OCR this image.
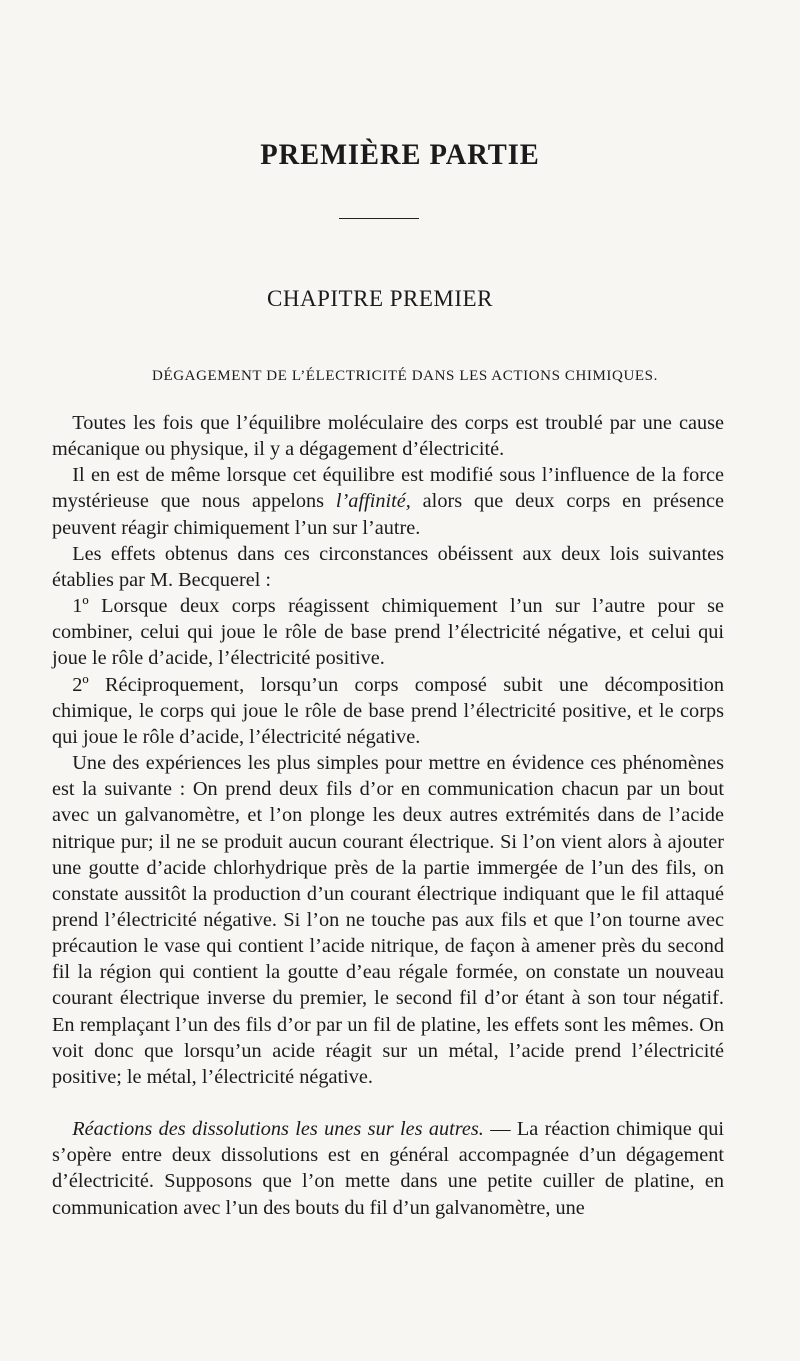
PREMIÈRE PARTIE
CHAPITRE PREMIER
DÉGAGEMENT DE L’ÉLECTRICITÉ DANS LES ACTIONS CHIMIQUES.

 Toutes les fois que l’équilibre moléculaire des corps est troublé par une cause mécanique ou physique, il y a dégagement d’électricité.

 Il en est de même lorsque cet équilibre est modifié sous l’influence de la force mystérieuse que nous appelons l’affinité, alors que deux corps en présence peuvent réagir chimiquement l’un sur l’autre.

 Les effets obtenus dans ces circonstances obéissent aux deux lois suivantes établies par M. Becquerel :

 1º Lorsque deux corps réagissent chimiquement l’un sur l’autre pour se combiner, celui qui joue le rôle de base prend l’électricité négative, et celui qui joue le rôle d’acide, l’électricité positive.

 2º Réciproquement, lorsqu’un corps composé subit une décomposition chimique, le corps qui joue le rôle de base prend l’électricité positive, et le corps qui joue le rôle d’acide, l’électricité négative.

 Une des expériences les plus simples pour mettre en évidence ces phénomènes est la suivante : On prend deux fils d’or en communication chacun par un bout avec un galvanomètre, et l’on plonge les deux autres extrémités dans de l’acide nitrique pur; il ne se produit aucun courant électrique. Si l’on vient alors à ajouter une goutte d’acide chlorhydrique près de la partie immergée de l’un des fils, on constate aussitôt la production d’un courant électrique indiquant que le fil attaqué prend l’électricité négative. Si l’on ne touche pas aux fils et que l’on tourne avec précaution le vase qui contient l’acide nitrique, de façon à amener près du second fil la région qui contient la goutte d’eau régale formée, on constate un nouveau courant électrique inverse du premier, le second fil d’or étant à son tour négatif. En remplaçant l’un des fils d’or par un fil de platine, les effets sont les mêmes. On voit donc que lorsqu’un acide réagit sur un métal, l’acide prend l’électricité positive; le métal, l’électricité négative.

 Réactions des dissolutions les unes sur les autres. — La réaction chimique qui s’opère entre deux dissolutions est en général accompagnée d’un dégagement d’électricité. Supposons que l’on mette dans une petite cuiller de platine, en communication avec l’un des bouts du fil d’un galvanomètre, une
